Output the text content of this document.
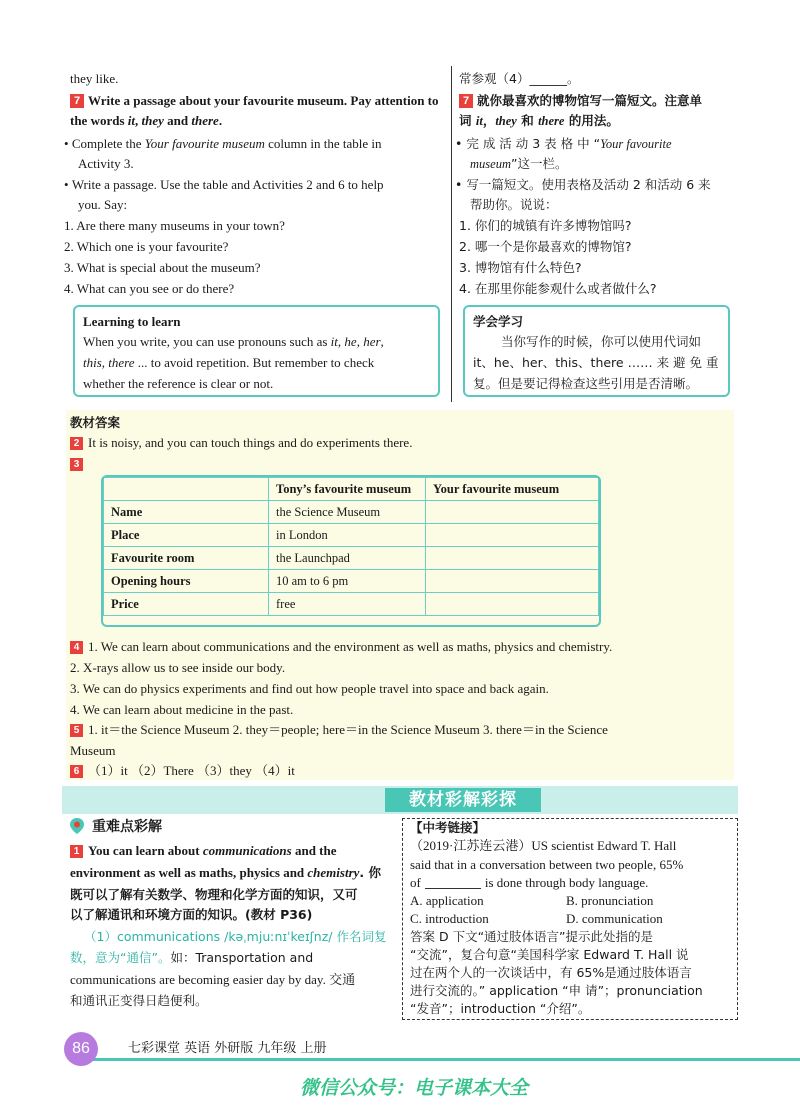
they like.
7 Write a passage about your favourite museum. Pay attention to
the words it, they and there.
• Complete the Your favourite museum column in the table in
Activity 3.
• Write a passage. Use the table and Activities 2 and 6 to help
you. Say:
1. Are there many museums in your town?
2. Which one is your favourite?
3. What is special about the museum?
4. What can you see or do there?
Learning to learn
When you write, you can use pronouns such as it, he, her,
this, there ... to avoid repetition. But remember to check
whether the reference is clear or not.
常参观（4）______。
7 就你最喜欢的博物馆写一篇短文。注意单
词 it，they 和 there 的用法。
• 完 成 活 动 3 表 格 中 “Your favourite
museum”这一栏。
• 写一篇短文。使用表格及活动 2 和活动 6 来
帮助你。说说：
1. 你们的城镇有许多博物馆吗?
2. 哪一个是你最喜欢的博物馆?
3. 博物馆有什么特色?
4. 在那里你能参观什么或者做什么?
学会学习
当你写作的时候，你可以使用代词如
it、he、her、this、there …… 来 避 免 重
复。但是要记得检查这些引用是否清晰。
教材答案
2 It is noisy, and you can touch things and do experiments there.
3
	Tony’s favourite museum	Your favourite museum
Name	the Science Museum	
Place	in London	
Favourite room	the Launchpad	
Opening hours	10 am to 6 pm	
Price	free	
4 1. We can learn about communications and the environment as well as maths, physics and chemistry.
2. X-rays allow us to see inside our body.
3. We can do physics experiments and find out how people travel into space and back again.
4. We can learn about medicine in the past.
5 1. it＝the Science Museum 2. they＝people; here＝in the Science Museum 3. there＝in the Science
Museum
6 （1）it （2）There （3）they （4）it
教材彩解彩探
重难点彩解
1 You can learn about communications and the
environment as well as maths, physics and chemistry. 你
既可以了解有关数学、物理和化学方面的知识，又可
以了解通讯和环境方面的知识。(教材 P36)
（1）communications /kəˌmjuːnɪˈkeɪʃnz/ 作名词复
数，意为“通信”。如：Transportation and
communications are becoming easier day by day. 交通
和通讯正变得日趋便利。
【中考链接】
（2019·江苏连云港）US scientist Edward T. Hall
said that in a conversation between two people, 65%
of	is done through body language.
A. application	B. pronunciation
C. introduction	D. communication
答案 D 下文“通过肢体语言”提示此处指的是
“交流”，复合句意“美国科学家 Edward T. Hall 说
过在两个人的一次谈话中，有 65%是通过肢体语言
进行交流的。” application “申 请”；pronunciation
“发音”；introduction “介绍”。
86	七彩课堂 英语 外研版 九年级 上册
微信公众号：电子课本大全
